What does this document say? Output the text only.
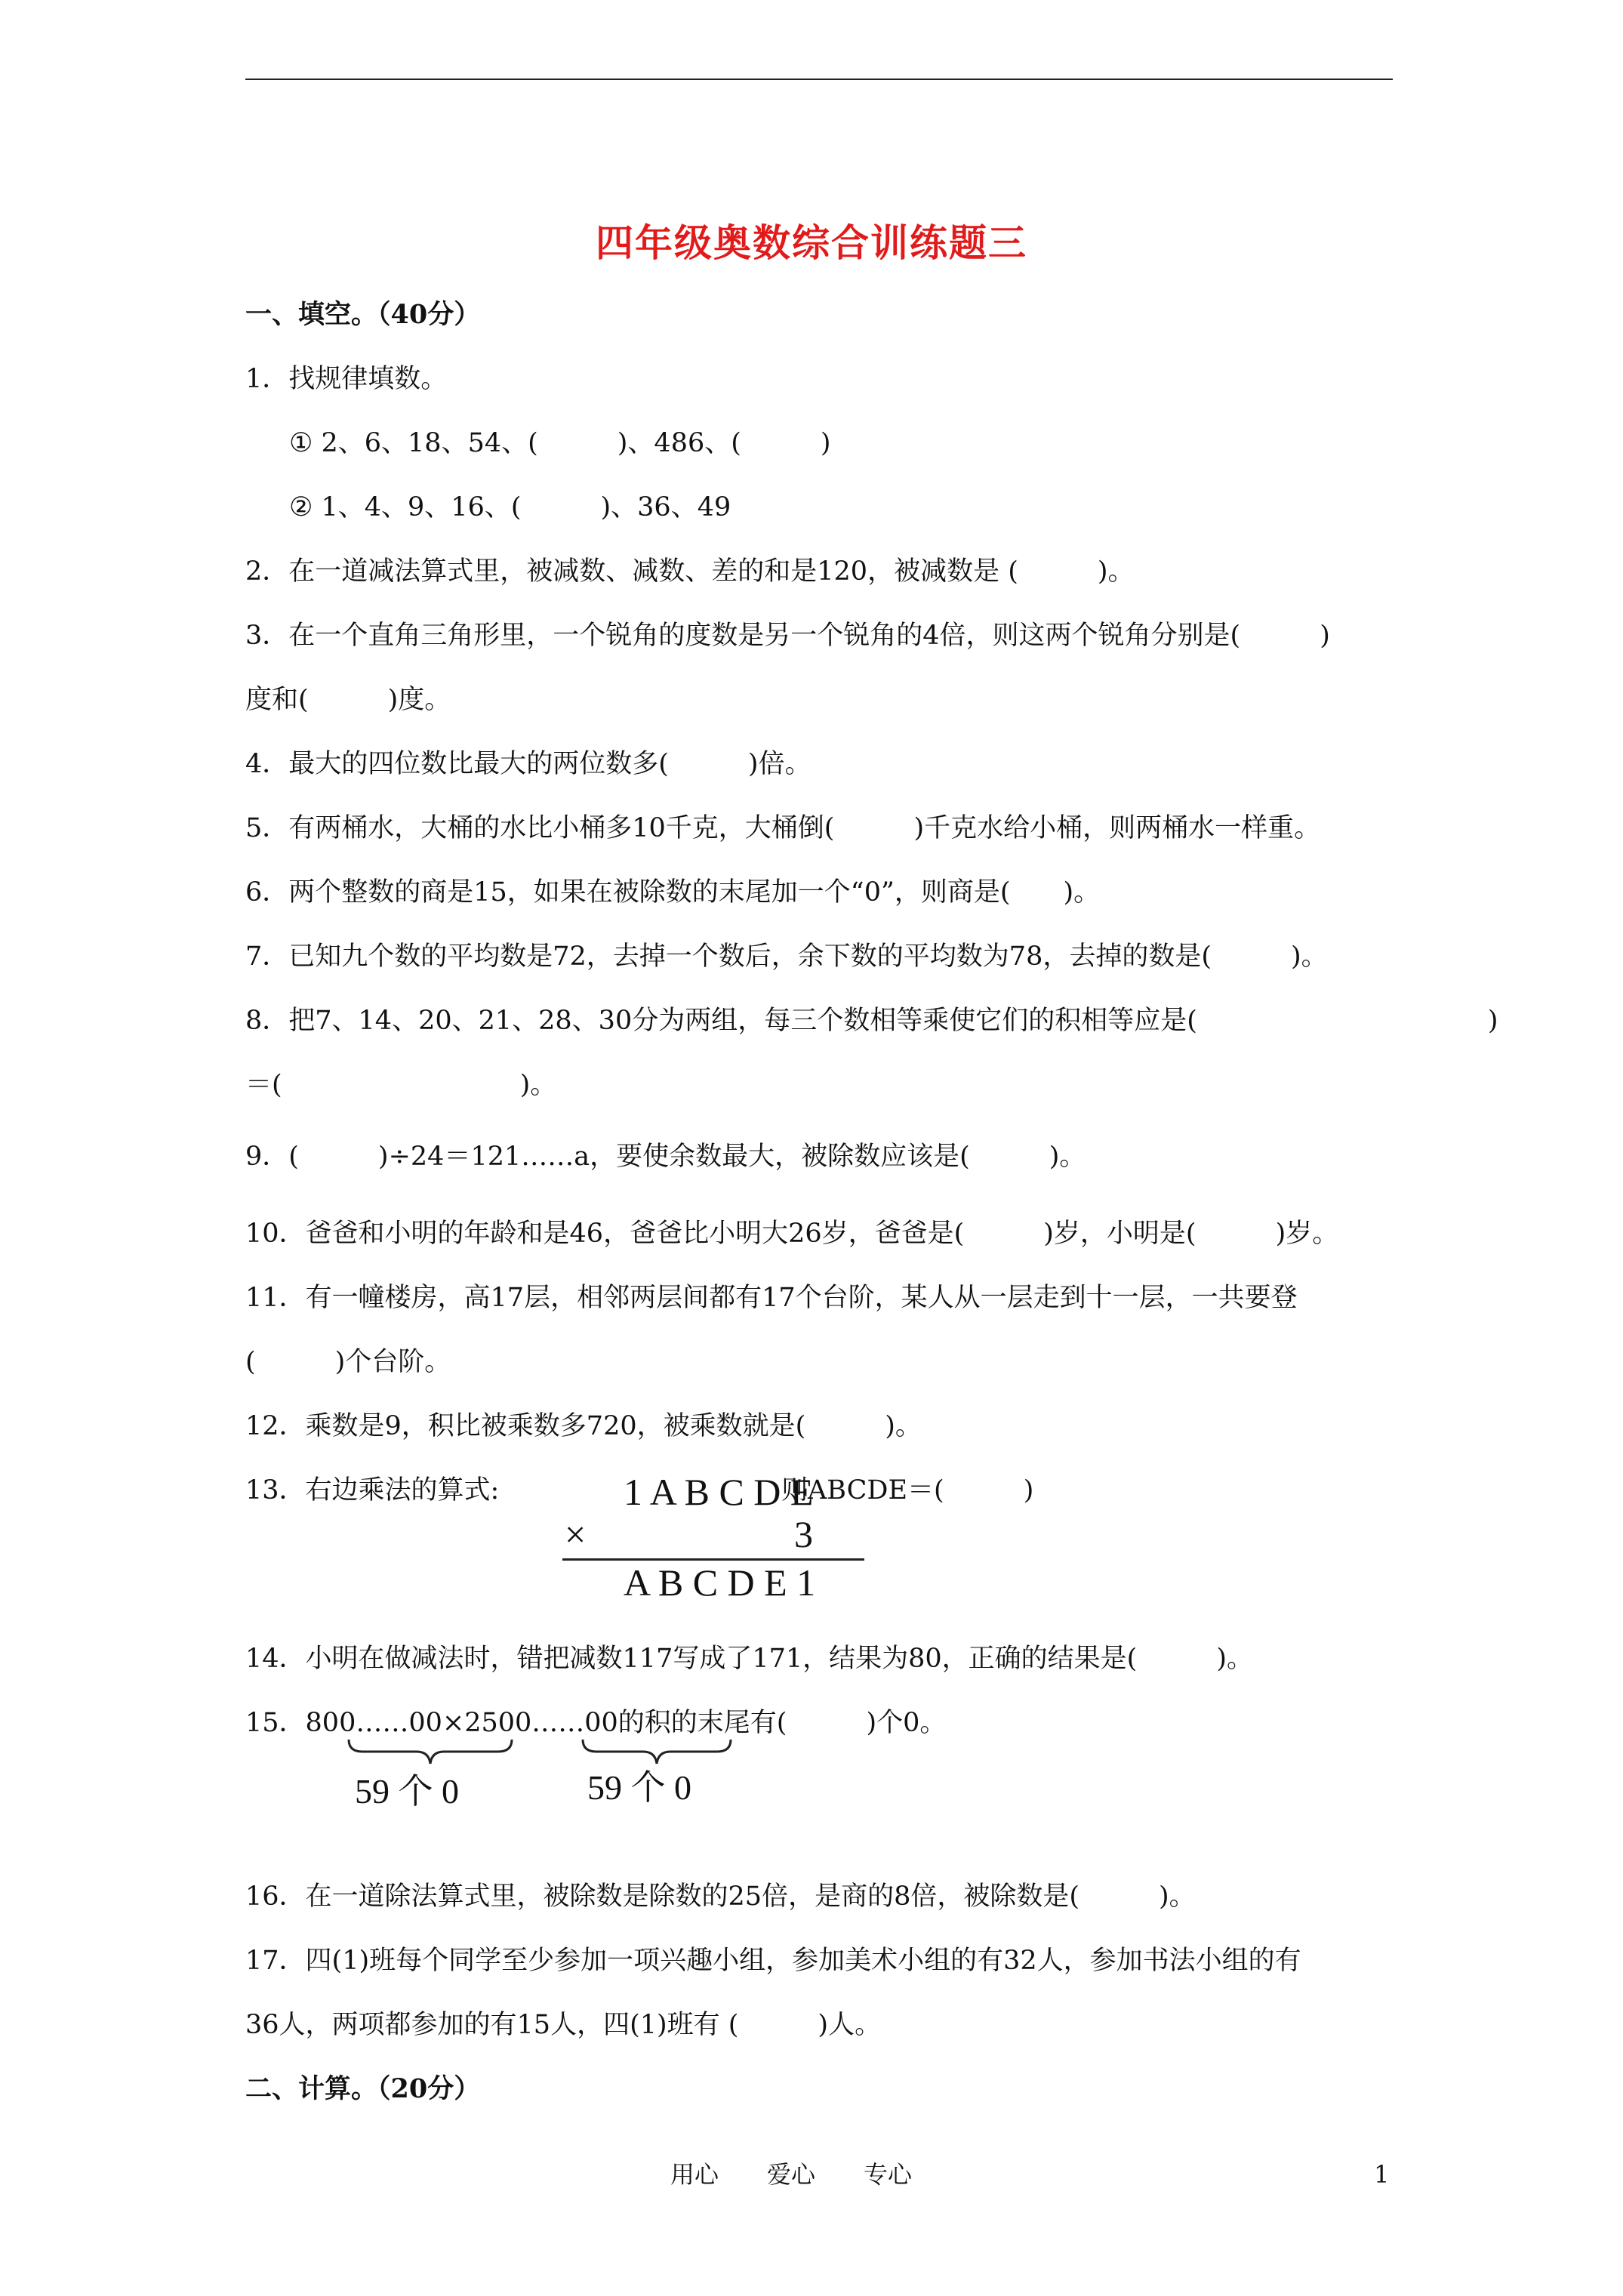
四年级奥数综合训练题三
一、填空。（40分）
1．找规律填数。
① 2、6、18、54、(　　　)、486、(　　　)
② 1、4、9、16、(　　　)、36、49
2．在一道减法算式里，被减数、减数、差的和是120，被减数是 (　　　)。
3．在一个直角三角形里，一个锐角的度数是另一个锐角的4倍，则这两个锐角分别是(　　　)
度和(　　　)度。
4．最大的四位数比最大的两位数多(　　　)倍。
5．有两桶水，大桶的水比小桶多10千克，大桶倒(　　　)千克水给小桶，则两桶水一样重。
6．两个整数的商是15，如果在被除数的末尾加一个“0”，则商是(　　)。
7．已知九个数的平均数是72，去掉一个数后，余下数的平均数为78，去掉的数是(　　　)。
8．把7、14、20、21、28、30分为两组，每三个数相等乘使它们的积相等应是(　　　　　　　　　　　)
＝(　　　　　　　　　)。
9．(　　　)÷24＝121……a，要使余数最大，被除数应该是(　　　)。
10．爸爸和小明的年龄和是46，爸爸比小明大26岁，爸爸是(　　　)岁，小明是(　　　)岁。
11．有一幢楼房，高17层，相邻两层间都有17个台阶，某人从一层走到十一层，一共要登
(　　　)个台阶。
12．乘数是9，积比被乘数多720，被乘数就是(　　　)。
13．右边乘法的算式:	则ABCDE＝(　　　)
1 A B C D E
×	3
A B C D E 1
14．小明在做减法时，错把减数117写成了171，结果为80，正确的结果是(　　　)。
15．800……00×2500……00的积的末尾有(　　　)个0。
59 个 0	59 个 0
16．在一道除法算式里，被除数是除数的25倍，是商的8倍，被除数是(　　　)。
17．四(1)班每个同学至少参加一项兴趣小组，参加美术小组的有32人，参加书法小组的有
36人，两项都参加的有15人，四(1)班有 (　　　)人。
二、计算。（20分）
用心　　爱心　　专心	1
